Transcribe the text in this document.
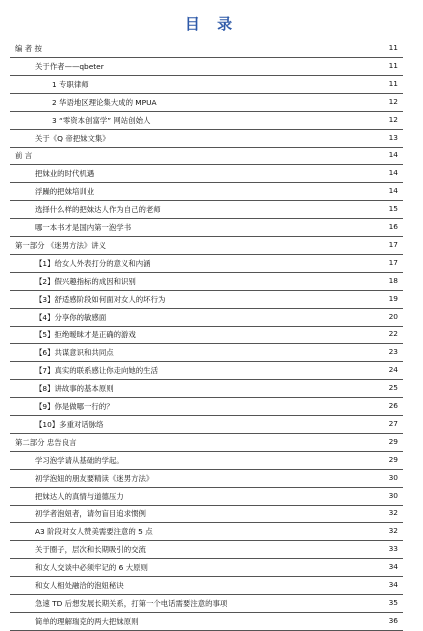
目 录
编 者 按	11
关于作者——qbeter	11
1 专职律师	11
2 华语地区理论集大成的 MPUA	12
3 “零资本创富学” 网站创始人	12
关于《Q 帝把妹文集》	13
前 言	14
把妹业的时代机遇	14
浮躁的把妹培训业	14
选择什么样的把妹达人作为自己的老师	15
哪一本书才是国内第一泡学书	16
第一部分 《迷男方法》讲义	17
【1】给女人外表打分的意义和内涵	17
【2】假兴趣指标的成因和识别	18
【3】舒适感阶段如何面对女人的坏行为	19
【4】分享你的敏感面	20
【5】拒绝暧昧才是正确的游戏	22
【6】共谋意识和共同点	23
【7】真实的联系感让你走向她的生活	24
【8】讲故事的基本原则	25
【9】你是做哪一行的？	26
【10】多重对话脉络	27
第二部分 忠告良言	29
学习泡学请从基础的学起。	29
初学泡妞的朋友要精读《迷男方法》	30
把妹达人的真情与道德压力	30
初学者泡妞者，请勿盲目追求惯例	32
A3 阶段对女人赞美需要注意的 5 点	32
关于圈子，层次和长期吸引的交流	33
和女人交谈中必须牢记的 6 大原则	34
和女人相处融洽的泡妞秘诀	34
急速 TD 后想发展长期关系，打第一个电话需要注意的事项	35
简单的理解瑞克的两大把妹原则	36
